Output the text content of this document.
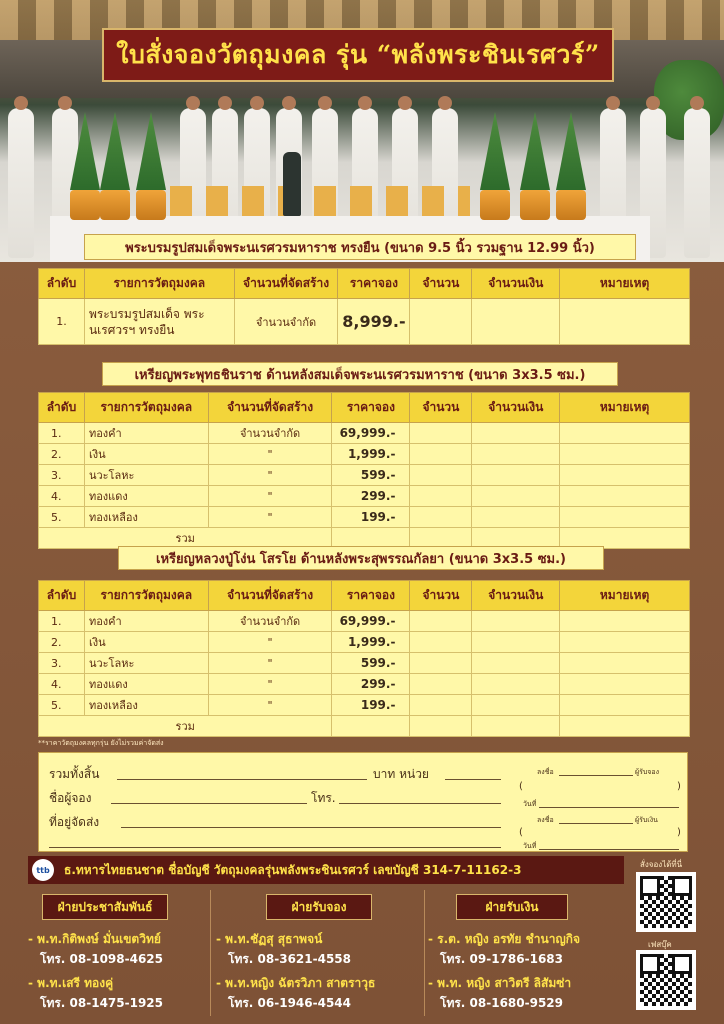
ใบสั่งจองวัตถุมงคล รุ่น “พลังพระชินเรศวร์”
พระบรมรูปสมเด็จพระนเรศวรมหาราช ทรงยืน (ขนาด 9.5 นิ้ว รวมฐาน 12.99 นิ้ว)
ลำดับ	รายการวัตถุมงคล	จำนวนที่จัดสร้าง	ราคาจอง	จำนวน	จำนวนเงิน	หมายเหตุ
1.	พระบรมรูปสมเด็จ พระนเรศวรฯ ทรงยืน	จำนวนจำกัด	8,999.-			
เหรียญพระพุทธชินราช ด้านหลังสมเด็จพระนเรศวรมหาราช (ขนาด 3x3.5 ซม.)
ลำดับ	รายการวัตถุมงคล	จำนวนที่จัดสร้าง	ราคาจอง	จำนวน	จำนวนเงิน	หมายเหตุ
1.	ทองคำ	จำนวนจำกัด	69,999.-			
2.	เงิน	"	1,999.-			
3.	นวะโลหะ	"	599.-			
4.	ทองแดง	"	299.-			
5.	ทองเหลือง	"	199.-			
รวม						
เหรียญหลวงปู่โง่น โสรโย ด้านหลังพระสุพรรณกัลยา (ขนาด 3x3.5 ซม.)
ลำดับ	รายการวัตถุมงคล	จำนวนที่จัดสร้าง	ราคาจอง	จำนวน	จำนวนเงิน	หมายเหตุ
1.	ทองคำ	จำนวนจำกัด	69,999.-			
2.	เงิน	"	1,999.-			
3.	นวะโลหะ	"	599.-			
4.	ทองแดง	"	299.-			
5.	ทองเหลือง	"	199.-			
รวม						
**ราคาวัตถุมงคลทุกรุ่น ยังไม่รวมค่าจัดส่ง
รวมทั้งสิ้น	บาท หน่วย
ชื่อผู้จอง	โทร.
ที่อยู่จัดส่ง
ลงชื่อ	ผู้รับจอง
(	)
วันที่
ลงชื่อ	ผู้รับเงิน
(	)
วันที่
ttb	ธ.ทหารไทยธนชาต ชื่อบัญชี วัตถุมงคลรุ่นพลังพระชินเรศวร์ เลขบัญชี 314-7-11162-3	สั่งจองได้ที่นี่
เฟสบุ๊ค
ฝ่ายประชาสัมพันธ์
- พ.ท.กิติพงษ์ มั่นเขตวิทย์
โทร. 08-1098-4625
- พ.ท.เสรี ทองคู่
โทร. 08-1475-1925
ฝ่ายรับจอง
- พ.ท.ชัฏสุ สุธาพจน์
โทร. 08-3621-4558
- พ.ท.หญิง ฉัตรวิภา สาตราวุธ
โทร. 06-1946-4544
ฝ่ายรับเงิน
- ร.ต. หญิง อรทัย ชำนาญกิจ
โทร. 09-1786-1683
- พ.ท. หญิง สาวิตรี ลิสัมซ่า
โทร. 08-1680-9529
